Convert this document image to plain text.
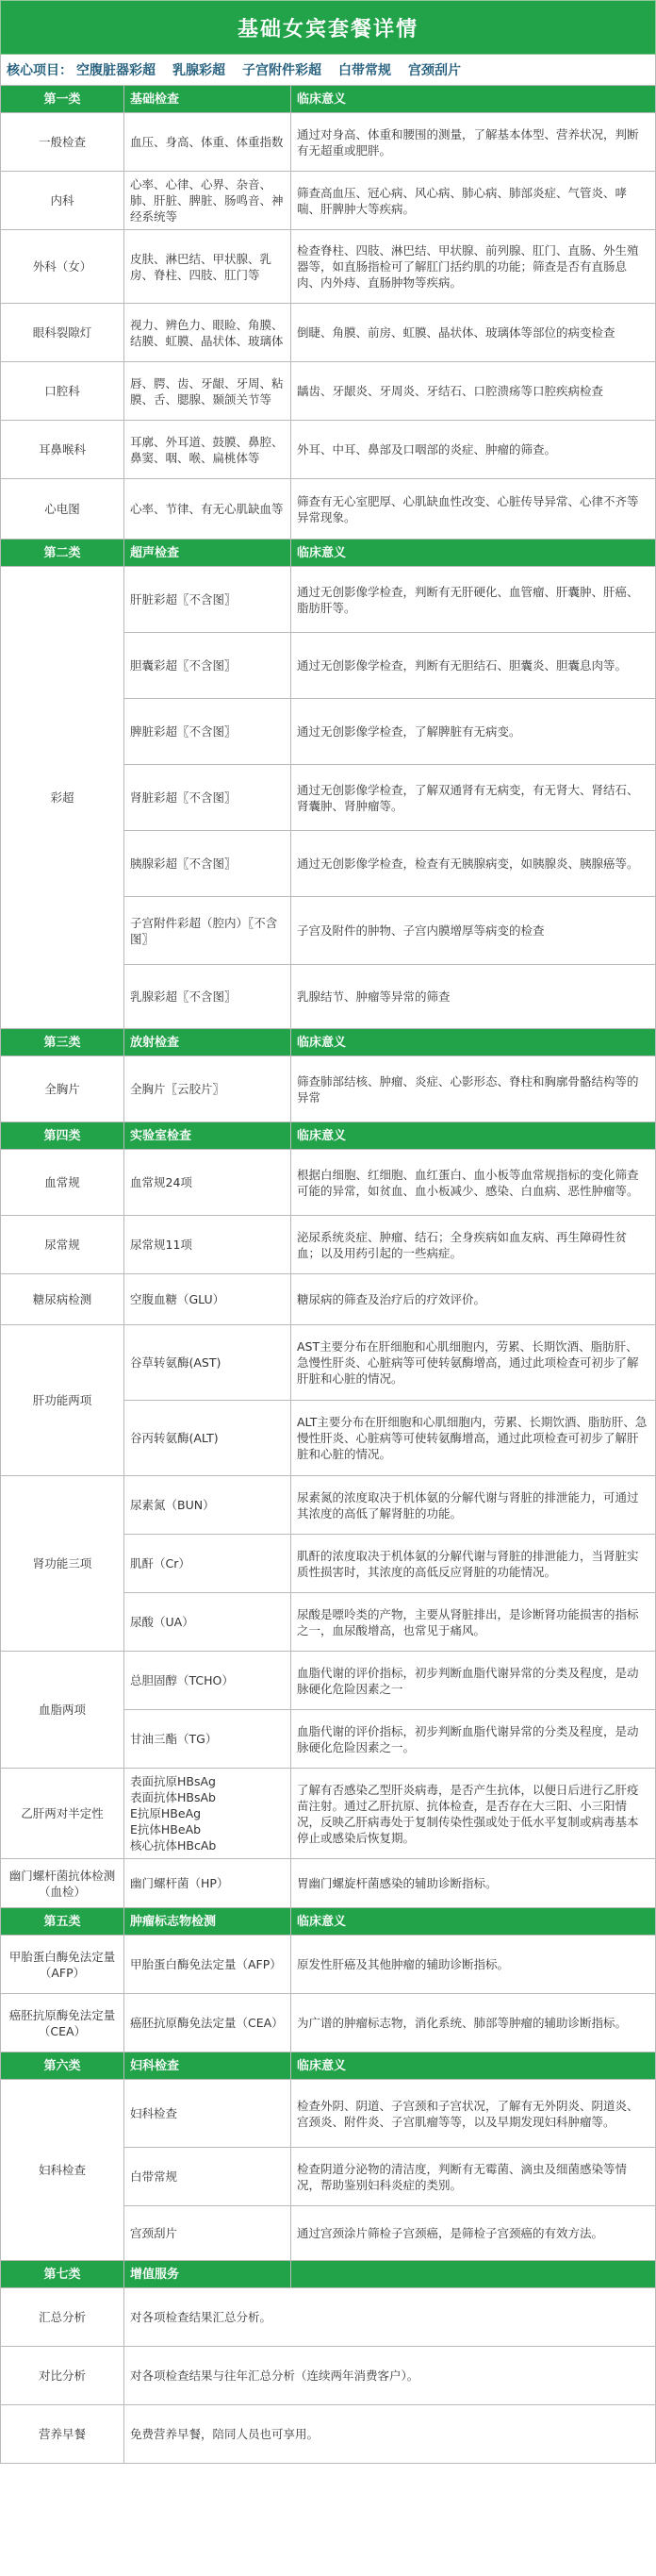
基础女宾套餐详情
核心项目： 空腹脏器彩超 乳腺彩超 子宫附件彩超 白带常规 宫颈刮片
第一类	基础检查	临床意义
一般检查	血压、身高、体重、体重指数	通过对身高、体重和腰围的测量，了解基本体型、营养状况，判断有无超重或肥胖。
内科	心率、心律、心界、杂音、肺、肝脏、脾脏、肠鸣音、神经系统等	筛查高血压、冠心病、风心病、肺心病、肺部炎症、气管炎、哮喘、肝脾肿大等疾病。
外科（女）	皮肤、淋巴结、甲状腺、乳房、脊柱、四肢、肛门等	检查脊柱、四肢、淋巴结、甲状腺、前列腺、肛门、直肠、外生殖器等，如直肠指检可了解肛门括约肌的功能；筛查是否有直肠息肉、内外痔、直肠肿物等疾病。
眼科裂隙灯	视力、辨色力、眼睑、角膜、结膜、虹膜、晶状体、玻璃体	倒睫、角膜、前房、虹膜、晶状体、玻璃体等部位的病变检查
口腔科	唇、腭、齿、牙龈、牙周、粘膜、舌、腮腺、颞颌关节等	龋齿、牙龈炎、牙周炎、牙结石、口腔溃疡等口腔疾病检查
耳鼻喉科	耳廓、外耳道、鼓膜、鼻腔、鼻窦、咽、喉、扁桃体等	外耳、中耳、鼻部及口咽部的炎症、肿瘤的筛查。
心电图	心率、节律、有无心肌缺血等	筛查有无心室肥厚、心肌缺血性改变、心脏传导异常、心律不齐等异常现象。
第二类	超声检查	临床意义
彩超	肝脏彩超〖不含图〗	通过无创影像学检查，判断有无肝硬化、血管瘤、肝囊肿、肝癌、脂肪肝等。
	胆囊彩超〖不含图〗	通过无创影像学检查，判断有无胆结石、胆囊炎、胆囊息肉等。
	脾脏彩超〖不含图〗	通过无创影像学检查，了解脾脏有无病变。
	肾脏彩超〖不含图〗	通过无创影像学检查，了解双通肾有无病变，有无肾大、肾结石、肾囊肿、肾肿瘤等。
	胰腺彩超〖不含图〗	通过无创影像学检查，检查有无胰腺病变，如胰腺炎、胰腺癌等。
	子宫附件彩超（腔内）〖不含图〗	子宫及附件的肿物、子宫内膜增厚等病变的检查
	乳腺彩超〖不含图〗	乳腺结节、肿瘤等异常的筛查
第三类	放射检查	临床意义
全胸片	全胸片〖云胶片〗	筛查肺部结核、肿瘤、炎症、心影形态、脊柱和胸廓骨骼结构等的异常
第四类	实验室检查	临床意义
血常规	血常规24项	根据白细胞、红细胞、血红蛋白、血小板等血常规指标的变化筛查可能的异常，如贫血、血小板减少、感染、白血病、恶性肿瘤等。
尿常规	尿常规11项	泌尿系统炎症、肿瘤、结石；全身疾病如血友病、再生障碍性贫血；以及用药引起的一些病症。
糖尿病检测	空腹血糖（GLU）	糖尿病的筛查及治疗后的疗效评价。
肝功能两项	谷草转氨酶(AST)	AST主要分布在肝细胞和心肌细胞内，劳累、长期饮酒、脂肪肝、急慢性肝炎、心脏病等可使转氨酶增高，通过此项检查可初步了解肝脏和心脏的情况。
	谷丙转氨酶(ALT)	ALT主要分布在肝细胞和心肌细胞内，劳累、长期饮酒、脂肪肝、急慢性肝炎、心脏病等可使转氨酶增高，通过此项检查可初步了解肝脏和心脏的情况。
肾功能三项	尿素氮（BUN）	尿素氮的浓度取决于机体氨的分解代谢与肾脏的排泄能力，可通过其浓度的高低了解肾脏的功能。
	肌酐（Cr）	肌酐的浓度取决于机体氨的分解代谢与肾脏的排泄能力，当肾脏实质性损害时，其浓度的高低反应肾脏的功能情况。
	尿酸（UA）	尿酸是嘌呤类的产物，主要从肾脏排出，是诊断肾功能损害的指标之一，血尿酸增高，也常见于痛风。
血脂两项	总胆固醇（TCHO）	血脂代谢的评价指标，初步判断血脂代谢异常的分类及程度，是动脉硬化危险因素之一
	甘油三酯（TG）	血脂代谢的评价指标，初步判断血脂代谢异常的分类及程度，是动脉硬化危险因素之一。
乙肝两对半定性	表面抗原HBsAg
表面抗体HBsAb
E抗原HBeAg
E抗体HBeAb
核心抗体HBcAb	了解有否感染乙型肝炎病毒，是否产生抗体，以便日后进行乙肝疫苗注射。通过乙肝抗原、抗体检查，是否存在大三阳、小三阳情况，反映乙肝病毒处于复制传染性强或处于低水平复制或病毒基本停止或感染后恢复期。
幽门螺杆菌抗体检测（血检）	幽门螺杆菌（HP）	胃幽门螺旋杆菌感染的辅助诊断指标。
第五类	肿瘤标志物检测	临床意义
甲胎蛋白酶免法定量（AFP）	甲胎蛋白酶免法定量（AFP）	原发性肝癌及其他肿瘤的辅助诊断指标。
癌胚抗原酶免法定量（CEA）	癌胚抗原酶免法定量（CEA）	为广谱的肿瘤标志物，消化系统、肺部等肿瘤的辅助诊断指标。
第六类	妇科检查	临床意义
妇科检查	妇科检查	检查外阴、阴道、子宫颈和子宫状况，了解有无外阴炎、阴道炎、宫颈炎、附件炎、子宫肌瘤等等，以及早期发现妇科肿瘤等。
	白带常规	检查阴道分泌物的清洁度，判断有无霉菌、滴虫及细菌感染等情况，帮助鉴别妇科炎症的类别。
	宫颈刮片	通过宫颈涂片筛检子宫颈癌，是筛检子宫颈癌的有效方法。
第七类	增值服务	
汇总分析	对各项检查结果汇总分析。	
对比分析	对各项检查结果与往年汇总分析（连续两年消费客户）。	
营养早餐	免费营养早餐，陪同人员也可享用。	
